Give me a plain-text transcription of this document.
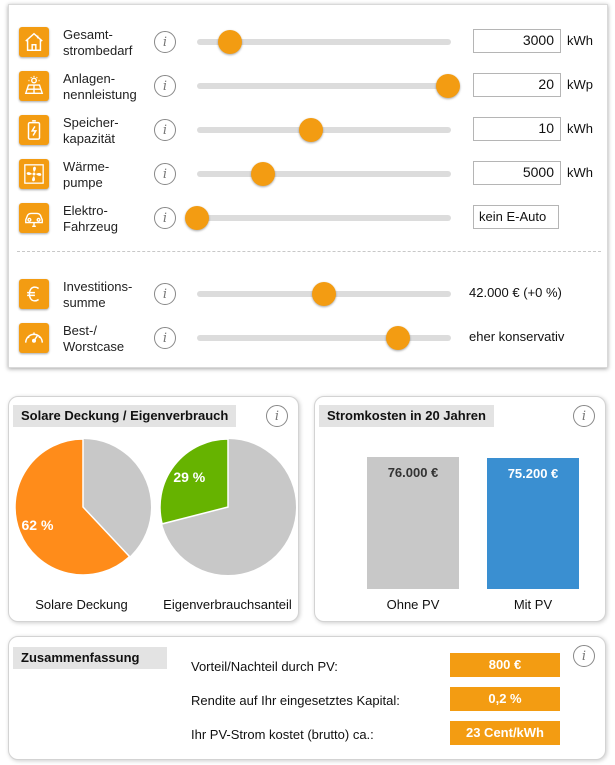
Gesamt-
strombedarf
i	3000	kWh
Anlagen-
nennleistung
i	20	kWp
Speicher-
kapazität
i	10	kWh
Wärme-
pumpe
i	5000	kWh
Elektro-
Fahrzeug
i	kein E-Auto
Investitions-
summe
i	42.000 € (+0 %)
Best-/
Worstcase
i	eher konservativ
Solare Deckung / Eigenverbrauch	i
62 %
29 %
Solare Deckung	Eigenverbrauchsanteil
Stromkosten in 20 Jahren	i
76.000 €	75.200 €
Ohne PV	Mit PV
Zusammenfassung	i
Vorteil/Nachteil durch PV:	800 €
Rendite auf Ihr eingesetztes Kapital:	0,2 %
Ihr PV-Strom kostet (brutto) ca.:	23 Cent/kWh
